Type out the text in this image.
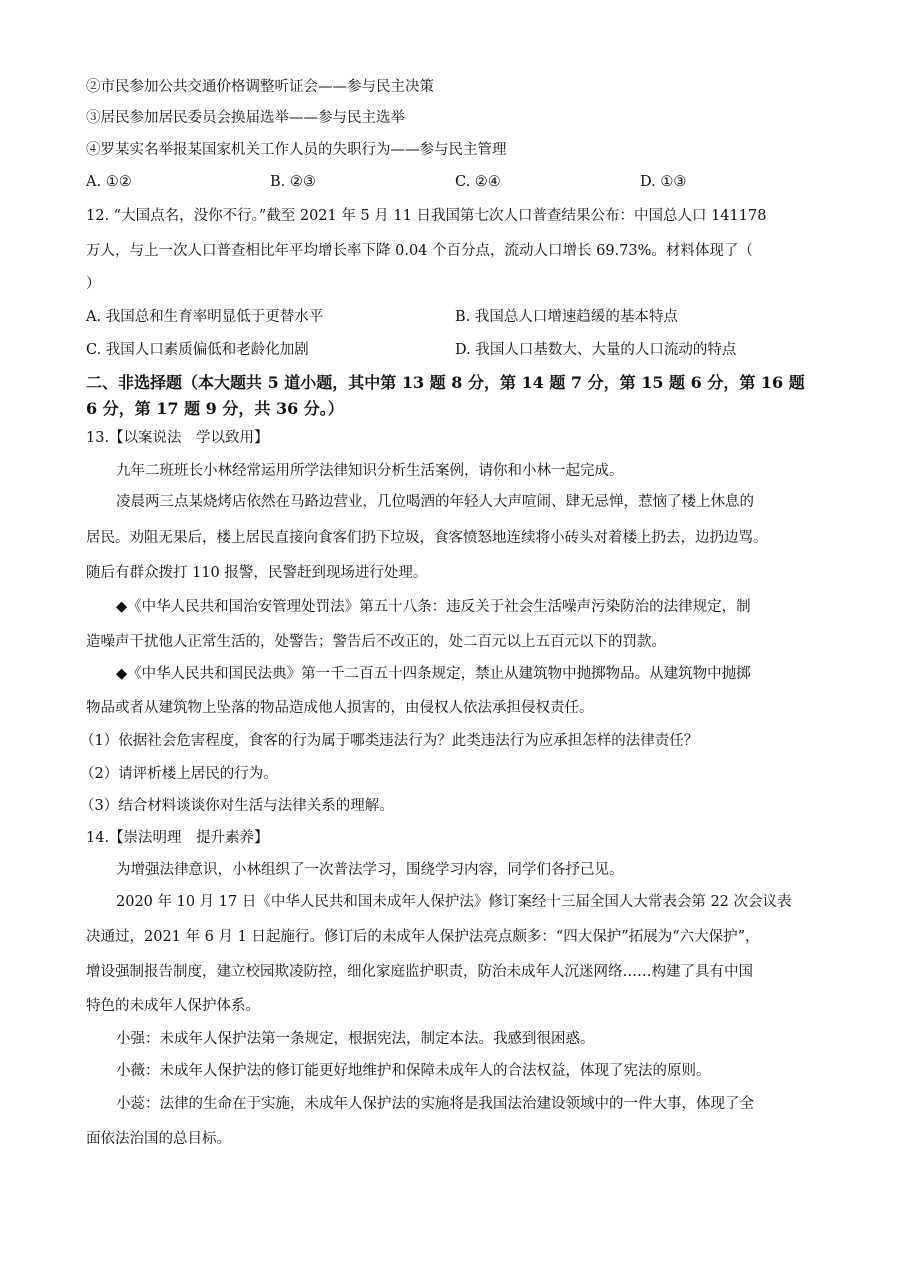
②市民参加公共交通价格调整听证会——参与民主决策
③居民参加居民委员会换届选举——参与民主选举
④罗某实名举报某国家机关工作人员的失职行为——参与民主管理
A. ①②	B. ②③	C. ②④	D. ①③
12. “大国点名，没你不行。”截至 2021 年 5 月 11 日我国第七次人口普查结果公布：中国总人口 141178
万人，与上一次人口普查相比年平均增长率下降 0.04 个百分点，流动人口增长 69.73%。材料体现了（
）
A. 我国总和生育率明显低于更替水平	B. 我国总人口增速趋缓的基本特点
C. 我国人口素质偏低和老龄化加剧	D. 我国人口基数大、大量的人口流动的特点
二、非选择题（本大题共 5 道小题，其中第 13 题 8 分，第 14 题 7 分，第 15 题 6 分，第 16 题
6 分，第 17 题 9 分，共 36 分。）
13.【以案说法　学以致用】
九年二班班长小林经常运用所学法律知识分析生活案例，请你和小林一起完成。
凌晨两三点某烧烤店依然在马路边营业，几位喝酒的年轻人大声喧闹、肆无忌惮，惹恼了楼上休息的
居民。劝阻无果后，楼上居民直接向食客们扔下垃圾，食客愤怒地连续将小砖头对着楼上扔去，边扔边骂。
随后有群众拨打 110 报警，民警赶到现场进行处理。
◆《中华人民共和国治安管理处罚法》第五十八条：违反关于社会生活噪声污染防治的法律规定，制
造噪声干扰他人正常生活的，处警告；警告后不改正的，处二百元以上五百元以下的罚款。
◆《中华人民共和国民法典》第一千二百五十四条规定，禁止从建筑物中抛掷物品。从建筑物中抛掷
物品或者从建筑物上坠落的物品造成他人损害的，由侵权人依法承担侵权责任。
（1）依据社会危害程度，食客的行为属于哪类违法行为？此类违法行为应承担怎样的法律责任？
（2）请评析楼上居民的行为。
（3）结合材料谈谈你对生活与法律关系的理解。
14.【崇法明理　提升素养】
为增强法律意识，小林组织了一次普法学习，围绕学习内容，同学们各抒己见。
2020 年 10 月 17 日《中华人民共和国未成年人保护法》修订案经十三届全国人大常表会第 22 次会议表
决通过，2021 年 6 月 1 日起施行。修订后的未成年人保护法亮点颇多：“四大保护”拓展为“六大保护”，
增设强制报告制度，建立校园欺凌防控，细化家庭监护职责，防治未成年人沉迷网络……构建了具有中国
特色的未成年人保护体系。
小强：未成年人保护法第一条规定，根据宪法，制定本法。我感到很困惑。
小薇：未成年人保护法的修订能更好地维护和保障未成年人的合法权益，体现了宪法的原则。
小蕊：法律的生命在于实施，未成年人保护法的实施将是我国法治建设领域中的一件大事，体现了全
面依法治国的总目标。
